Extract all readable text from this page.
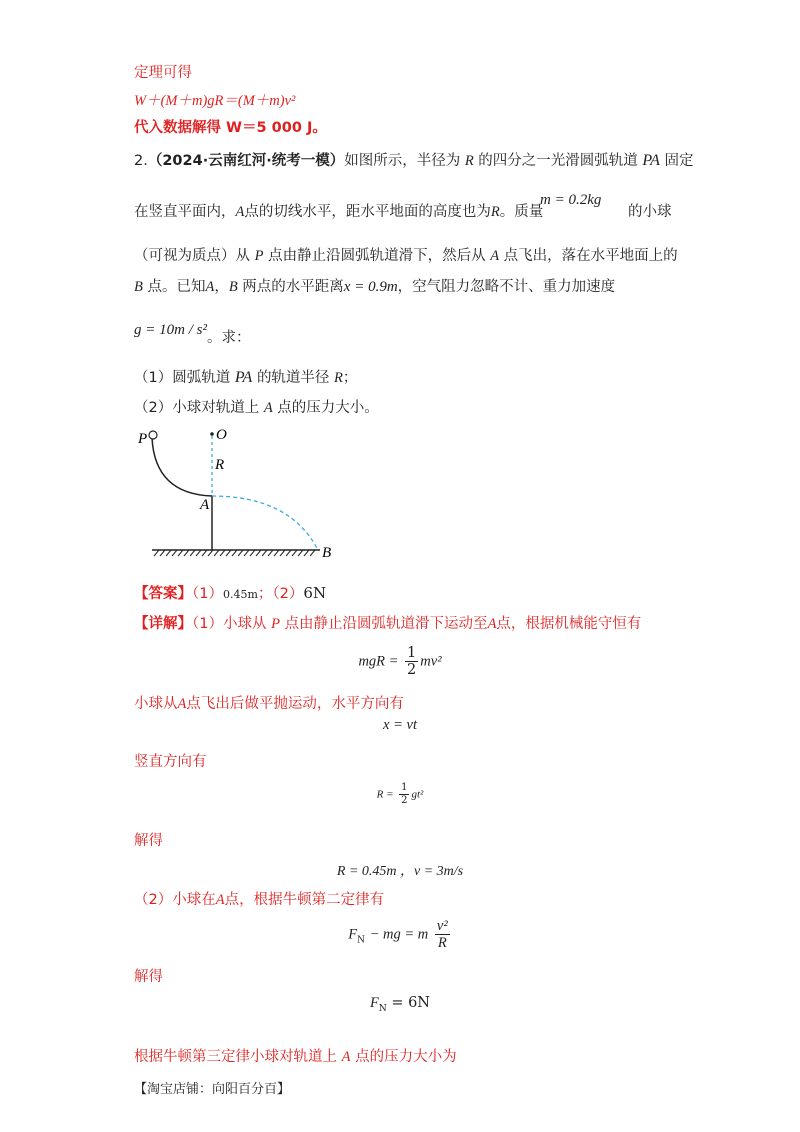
定理可得
W＋(M＋m)gR＝(M＋m)v²
代入数据解得 W＝5 000 J。
2.（2024·云南红河·统考一模）如图所示，半径为 R 的四分之一光滑圆弧轨道 PA 固定
在竖直平面内，A点的切线水平，距水平地面的高度也为R。质量
m = 0.2kg
的小球
（可视为质点）从 P 点由静止沿圆弧轨道滑下，然后从 A 点飞出，落在水平地面上的
B 点。已知A，B 两点的水平距离x = 0.9m，空气阻力忽略不计、重力加速度
g = 10m / s²。求：
（1）圆弧轨道 PA 的轨道半径 R；
（2）小球对轨道上 A 点的压力大小。
P	O
R
A
B
【答案】（1）0.45m；（2）6N
【详解】（1）小球从 P 点由静止沿圆弧轨道滑下运动至A点，根据机械能守恒有
mgR = $\frac{1}{2} mv^2$
小球从A点飞出后做平抛运动，水平方向有
x = vt
竖直方向有
$R = \frac{1}{2} gt^2$
解得
R = 0.45m ，v = 3m/s
（2）小球在A点，根据牛顿第二定律有
$F_N$ − mg = m $\frac{\text{v²}}{R}$
解得
$F_N = 6N$
根据牛顿第三定律小球对轨道上 A 点的压力大小为
【淘宝店铺：向阳百分百】
